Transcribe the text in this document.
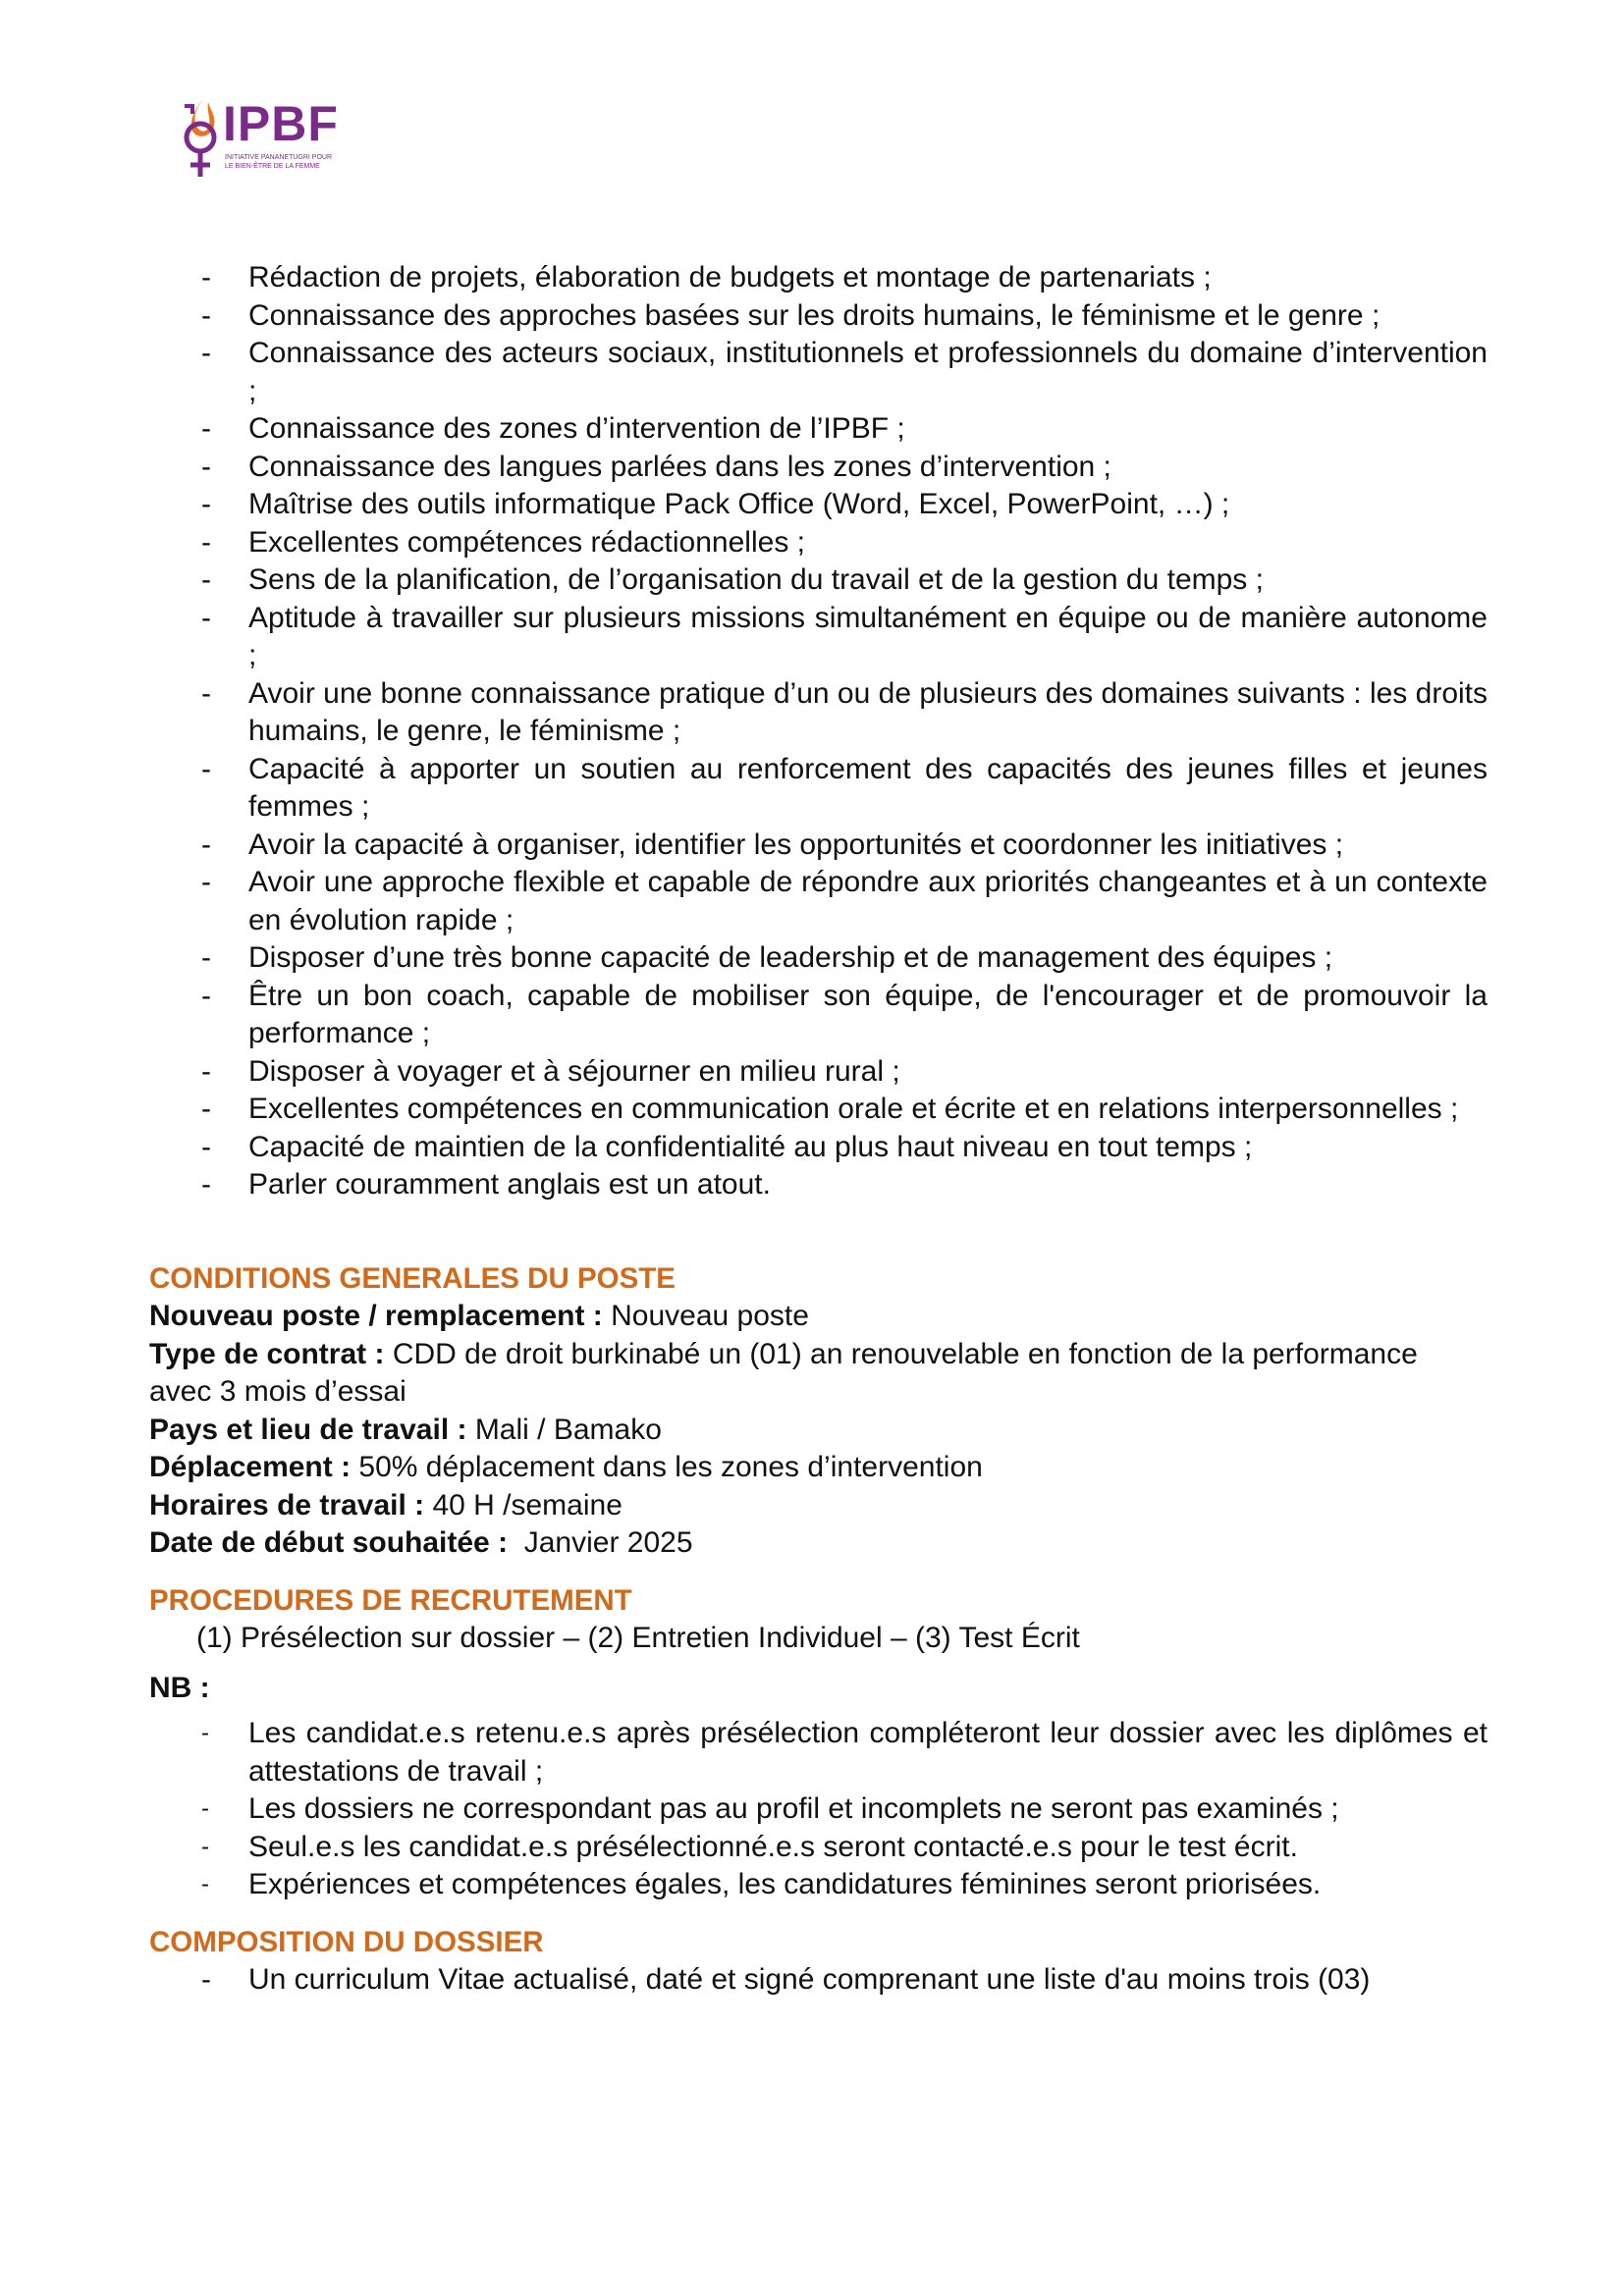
IPBF
INITIATIVE PANANETUGRI POUR
LE BIEN-ÊTRE DE LA FEMME
- Rédaction de projets, élaboration de budgets et montage de partenariats ;
- Connaissance des approches basées sur les droits humains, le féminisme et le genre ;
- Connaissance des acteurs sociaux, institutionnels et professionnels du domaine d’intervention ;
- Connaissance des zones d’intervention de l’IPBF ;
- Connaissance des langues parlées dans les zones d’intervention ;
- Maîtrise des outils informatique Pack Office (Word, Excel, PowerPoint, …) ;
- Excellentes compétences rédactionnelles ;
- Sens de la planification, de l’organisation du travail et de la gestion du temps ;
- Aptitude à travailler sur plusieurs missions simultanément en équipe ou de manière autonome ;
- Avoir une bonne connaissance pratique d’un ou de plusieurs des domaines suivants : les droits humains, le genre, le féminisme ;
- Capacité à apporter un soutien au renforcement des capacités des jeunes filles et jeunes femmes ;
- Avoir la capacité à organiser, identifier les opportunités et coordonner les initiatives ;
- Avoir une approche flexible et capable de répondre aux priorités changeantes et à un contexte en évolution rapide ;
- Disposer d’une très bonne capacité de leadership et de management des équipes ;
- Être un bon coach, capable de mobiliser son équipe, de l'encourager et de promouvoir la performance ;
- Disposer à voyager et à séjourner en milieu rural ;
- Excellentes compétences en communication orale et écrite et en relations interpersonnelles ;
- Capacité de maintien de la confidentialité au plus haut niveau en tout temps ;
- Parler couramment anglais est un atout.
CONDITIONS GENERALES DU POSTE

Nouveau poste / remplacement : Nouveau poste

Type de contrat : CDD de droit burkinabé un (01) an renouvelable en fonction de la performance avec 3 mois d’essai

Pays et lieu de travail : Mali / Bamako

Déplacement : 50% déplacement dans les zones d’intervention

Horaires de travail : 40 H /semaine

Date de début souhaitée :  Janvier 2025

PROCEDURES DE RECRUTEMENT

(1) Présélection sur dossier – (2) Entretien Individuel – (3) Test Écrit

NB :

- Les candidat.e.s retenu.e.s après présélection compléteront leur dossier avec les diplômes et attestations de travail ;
- Les dossiers ne correspondant pas au profil et incomplets ne seront pas examinés ;
- Seul.e.s les candidat.e.s présélectionné.e.s seront contacté.e.s pour le test écrit.
- Expériences et compétences égales, les candidatures féminines seront priorisées.
COMPOSITION DU DOSSIER
- Un curriculum Vitae actualisé, daté et signé comprenant une liste d'au moins trois (03)
